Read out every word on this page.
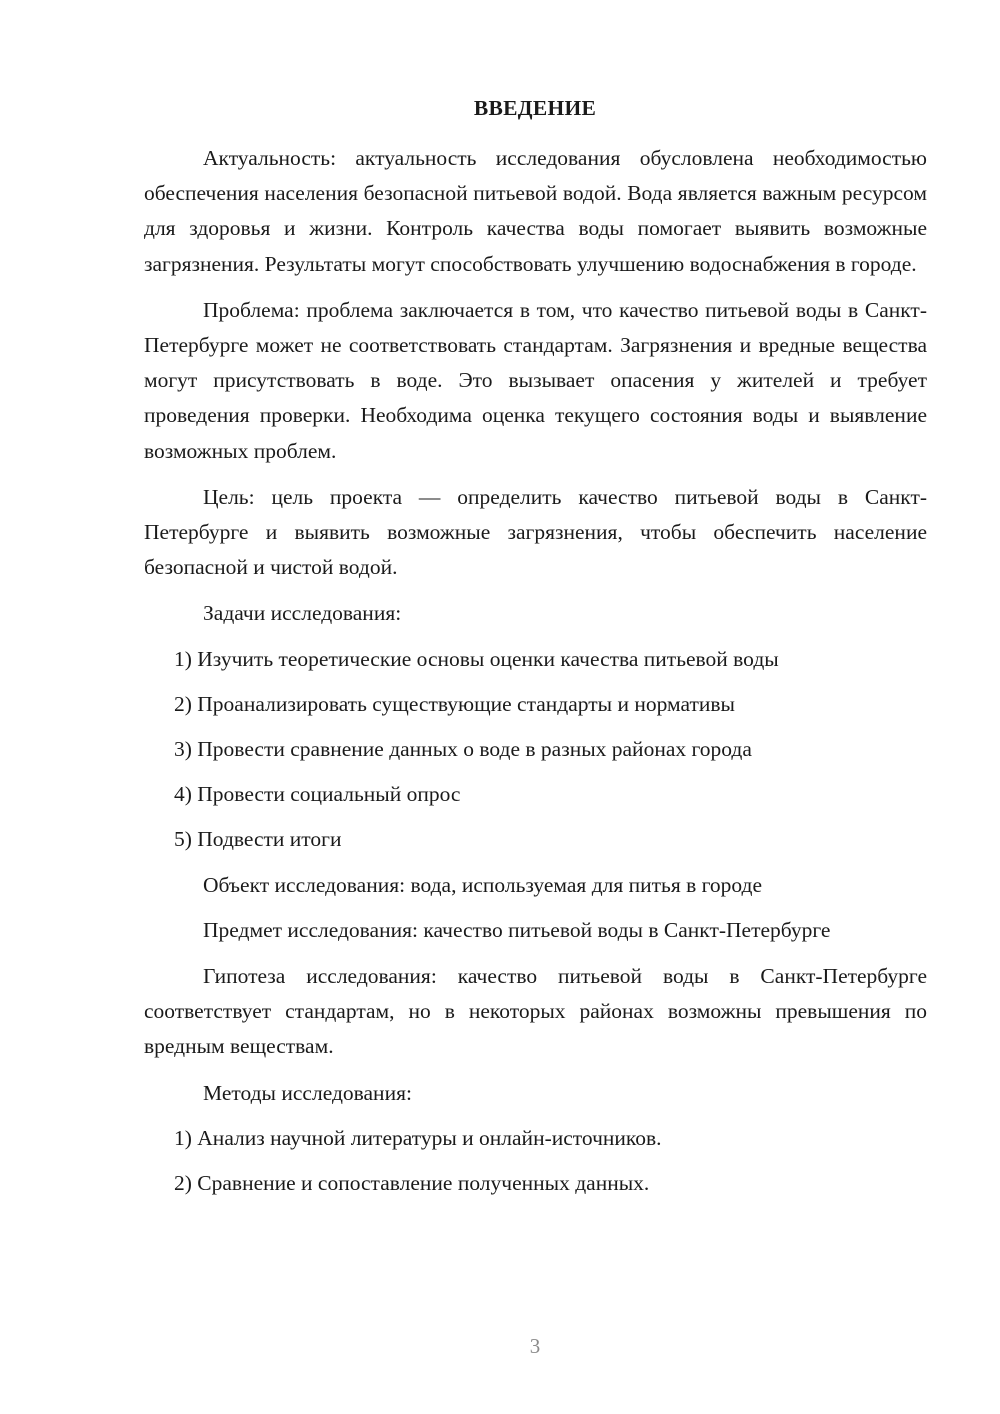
ВВЕДЕНИЕ

Актуальность: актуальность исследования обусловлена необходимостью обеспечения населения безопасной питьевой водой. Вода является важным ресурсом для здоровья и жизни. Контроль качества воды помогает выявить возможные загрязнения. Результаты могут способствовать улучшению водоснабжения в городе.

Проблема: проблема заключается в том, что качество питьевой воды в Санкт-Петербурге может не соответствовать стандартам. Загрязнения и вредные вещества могут присутствовать в воде. Это вызывает опасения у жителей и требует проведения проверки. Необходима оценка текущего состояния воды и выявление возможных проблем.

Цель: цель проекта — определить качество питьевой воды в Санкт-Петербурге и выявить возможные загрязнения, чтобы обеспечить население безопасной и чистой водой.

Задачи исследования:

1) Изучить теоретические основы оценки качества питьевой воды

2) Проанализировать существующие стандарты и нормативы

3) Провести сравнение данных о воде в разных районах города

4) Провести социальный опрос

5) Подвести итоги

Объект исследования: вода, используемая для питья в городе

Предмет исследования: качество питьевой воды в Санкт-Петербурге

Гипотеза исследования: качество питьевой воды в Санкт-Петербурге соответствует стандартам, но в некоторых районах возможны превышения по вредным веществам.

Методы исследования:

1) Анализ научной литературы и онлайн-источников.

2) Сравнение и сопоставление полученных данных.

3
